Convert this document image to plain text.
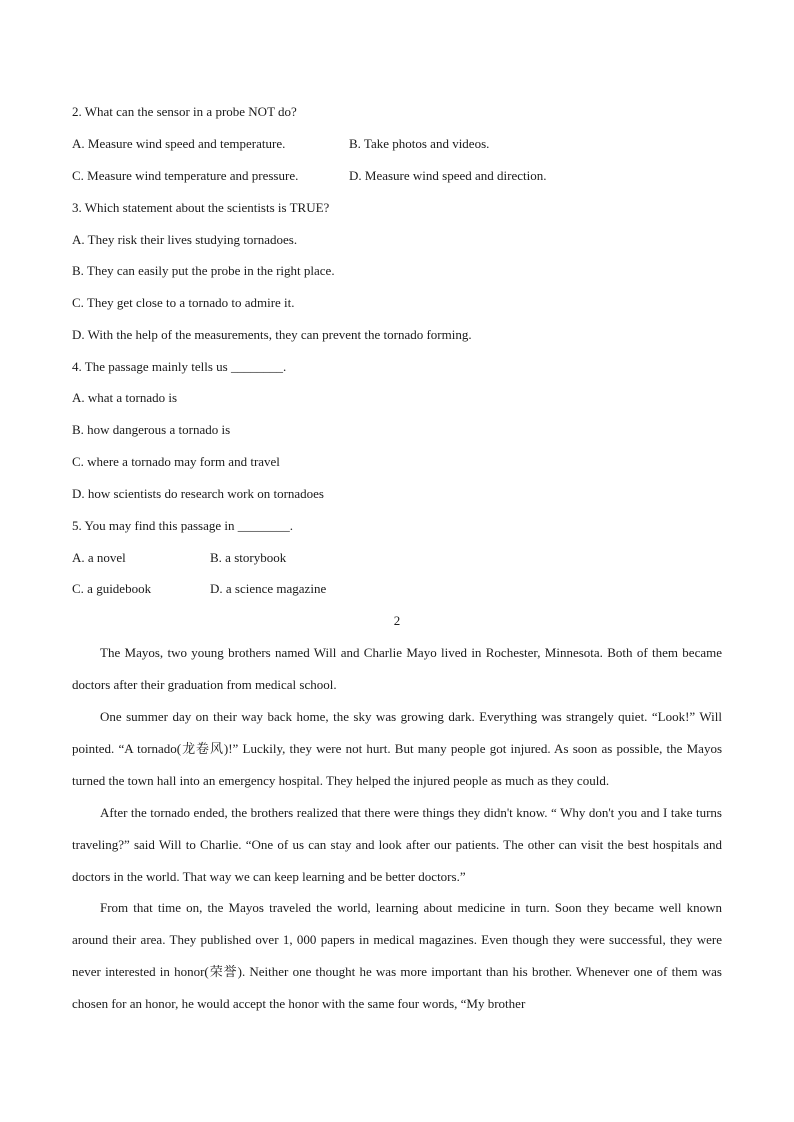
2. What can the sensor in a probe NOT do?
A. Measure wind speed and temperature.	B. Take photos and videos.
C. Measure wind temperature and pressure.	D. Measure wind speed and direction.
3. Which statement about the scientists is TRUE?
A. They risk their lives studying tornadoes.
B. They can easily put the probe in the right place.
C. They get close to a tornado to admire it.
D. With the help of the measurements, they can prevent the tornado forming.
4. The passage mainly tells us ________.
A. what a tornado is
B. how dangerous a tornado is
C. where a tornado may form and travel
D. how scientists do research work on tornadoes
5. You may find this passage in ________.
A. a novel	B. a storybook
C. a guidebook	D. a science magazine
2
The Mayos, two young brothers named Will and Charlie Mayo lived in Rochester, Minnesota. Both of them became doctors after their graduation from medical school.
One summer day on their way back home, the sky was growing dark. Everything was strangely quiet. “Look!” Will pointed. “A tornado(龙卷风)!” Luckily, they were not hurt. But many people got injured. As soon as possible, the Mayos turned the town hall into an emergency hospital. They helped the injured people as much as they could.
After the tornado ended, the brothers realized that there were things they didn't know. “ Why don't you and I take turns traveling?” said Will to Charlie. “One of us can stay and look after our patients. The other can visit the best hospitals and doctors in the world. That way we can keep learning and be better doctors.”
From that time on, the Mayos traveled the world, learning about medicine in turn. Soon they became well known around their area. They published over 1, 000 papers in medical magazines. Even though they were successful, they were never interested in honor(荣誉). Neither one thought he was more important than his brother. Whenever one of them was chosen for an honor, he would accept the honor with the same four words, “My brother
